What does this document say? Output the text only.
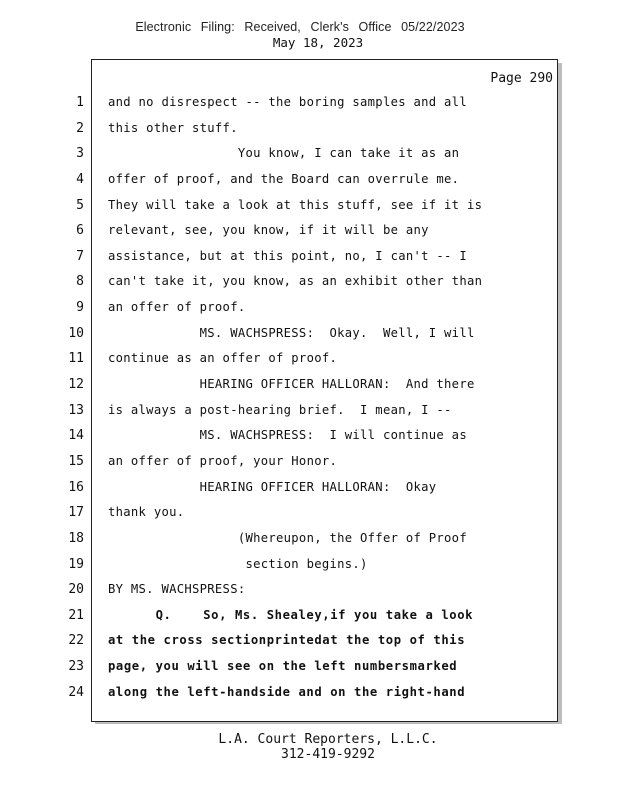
Electronic Filing: Received, Clerk's Office 05/22/2023
May 18, 2023
Page 290
1
2
3
4
5
6
7
8
9
10
11
12
13
14
15
16
17
18
19
20
21
22
23
24
and no disrespect -- the boring samples and all
this other stuff.
You know, I can take it as an
offer of proof, and the Board can overrule me.
They will take a look at this stuff, see if it is
relevant, see, you know, if it will be any
assistance, but at this point, no, I can't -- I
can't take it, you know, as an exhibit other than
an offer of proof.
MS. WACHSPRESS:  Okay.  Well, I will
continue as an offer of proof.
HEARING OFFICER HALLORAN:  And there
is always a post-hearing brief.  I mean, I --
MS. WACHSPRESS:  I will continue as
an offer of proof, your Honor.
HEARING OFFICER HALLORAN:  Okay
thank you.
(Whereupon, the Offer of Proof
section begins.)
BY MS. WACHSPRESS:
Q.    So, Ms. Shealey,if you take a look
at the cross sectionprintedat the top of this
page, you will see on the left numbersmarked
along the left-handside and on the right-hand
L.A. Court Reporters, L.L.C.
312-419-9292
